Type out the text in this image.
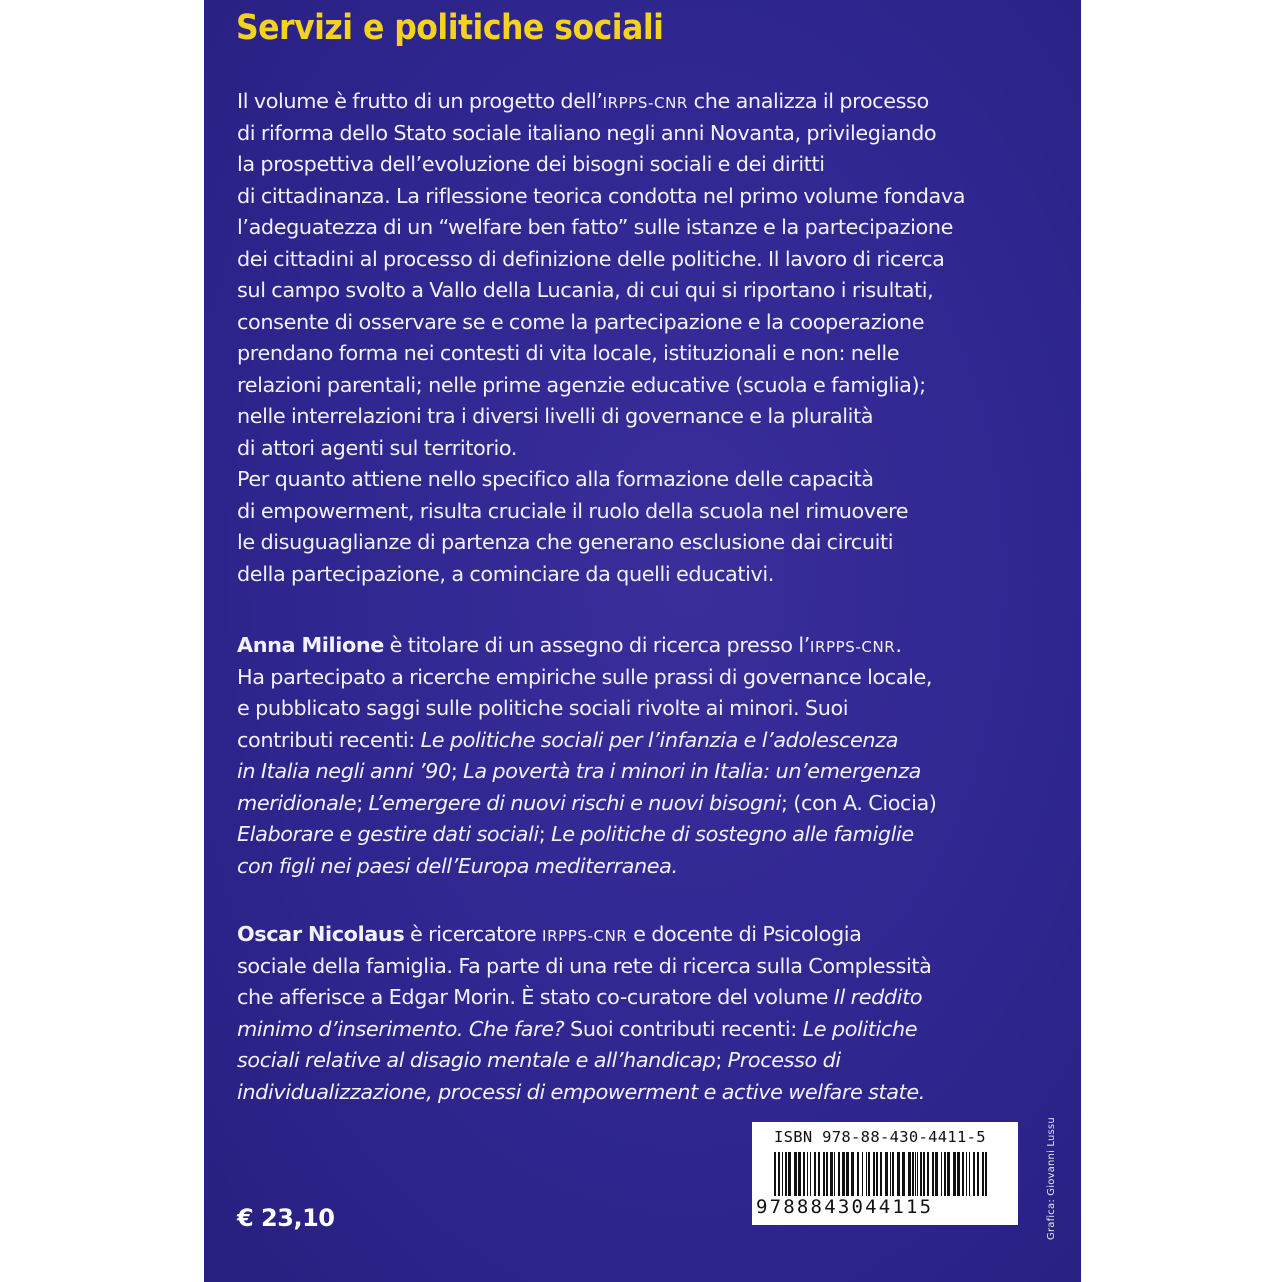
Servizi e politiche sociali
Il volume è frutto di un progetto dell’IRPPS-CNR che analizza il processo
di riforma dello Stato sociale italiano negli anni Novanta, privilegiando
la prospettiva dell’evoluzione dei bisogni sociali e dei diritti
di cittadinanza. La riflessione teorica condotta nel primo volume fondava
l’adeguatezza di un “welfare ben fatto” sulle istanze e la partecipazione
dei cittadini al processo di definizione delle politiche. Il lavoro di ricerca
sul campo svolto a Vallo della Lucania, di cui qui si riportano i risultati,
consente di osservare se e come la partecipazione e la cooperazione
prendano forma nei contesti di vita locale, istituzionali e non: nelle
relazioni parentali; nelle prime agenzie educative (scuola e famiglia);
nelle interrelazioni tra i diversi livelli di governance e la pluralità
di attori agenti sul territorio.
Per quanto attiene nello specifico alla formazione delle capacità
di empowerment, risulta cruciale il ruolo della scuola nel rimuovere
le disuguaglianze di partenza che generano esclusione dai circuiti
della partecipazione, a cominciare da quelli educativi.
Anna Milione è titolare di un assegno di ricerca presso l’IRPPS-CNR.
Ha partecipato a ricerche empiriche sulle prassi di governance locale,
e pubblicato saggi sulle politiche sociali rivolte ai minori. Suoi
contributi recenti: Le politiche sociali per l’infanzia e l’adolescenza
in Italia negli anni ’90; La povertà tra i minori in Italia: un’emergenza
meridionale; L’emergere di nuovi rischi e nuovi bisogni; (con A. Ciocia)
Elaborare e gestire dati sociali; Le politiche di sostegno alle famiglie
con figli nei paesi dell’Europa mediterranea.
Oscar Nicolaus è ricercatore IRPPS-CNR e docente di Psicologia
sociale della famiglia. Fa parte di una rete di ricerca sulla Complessità
che afferisce a Edgar Morin. È stato co-curatore del volume Il reddito
minimo d’inserimento. Che fare? Suoi contributi recenti: Le politiche
sociali relative al disagio mentale e all’handicap; Processo di
individualizzazione, processi di empowerment e active welfare state.
ISBN 978-88-430-4411-5
9788843044115
€ 23,10	Grafica: Giovanni Lussu
